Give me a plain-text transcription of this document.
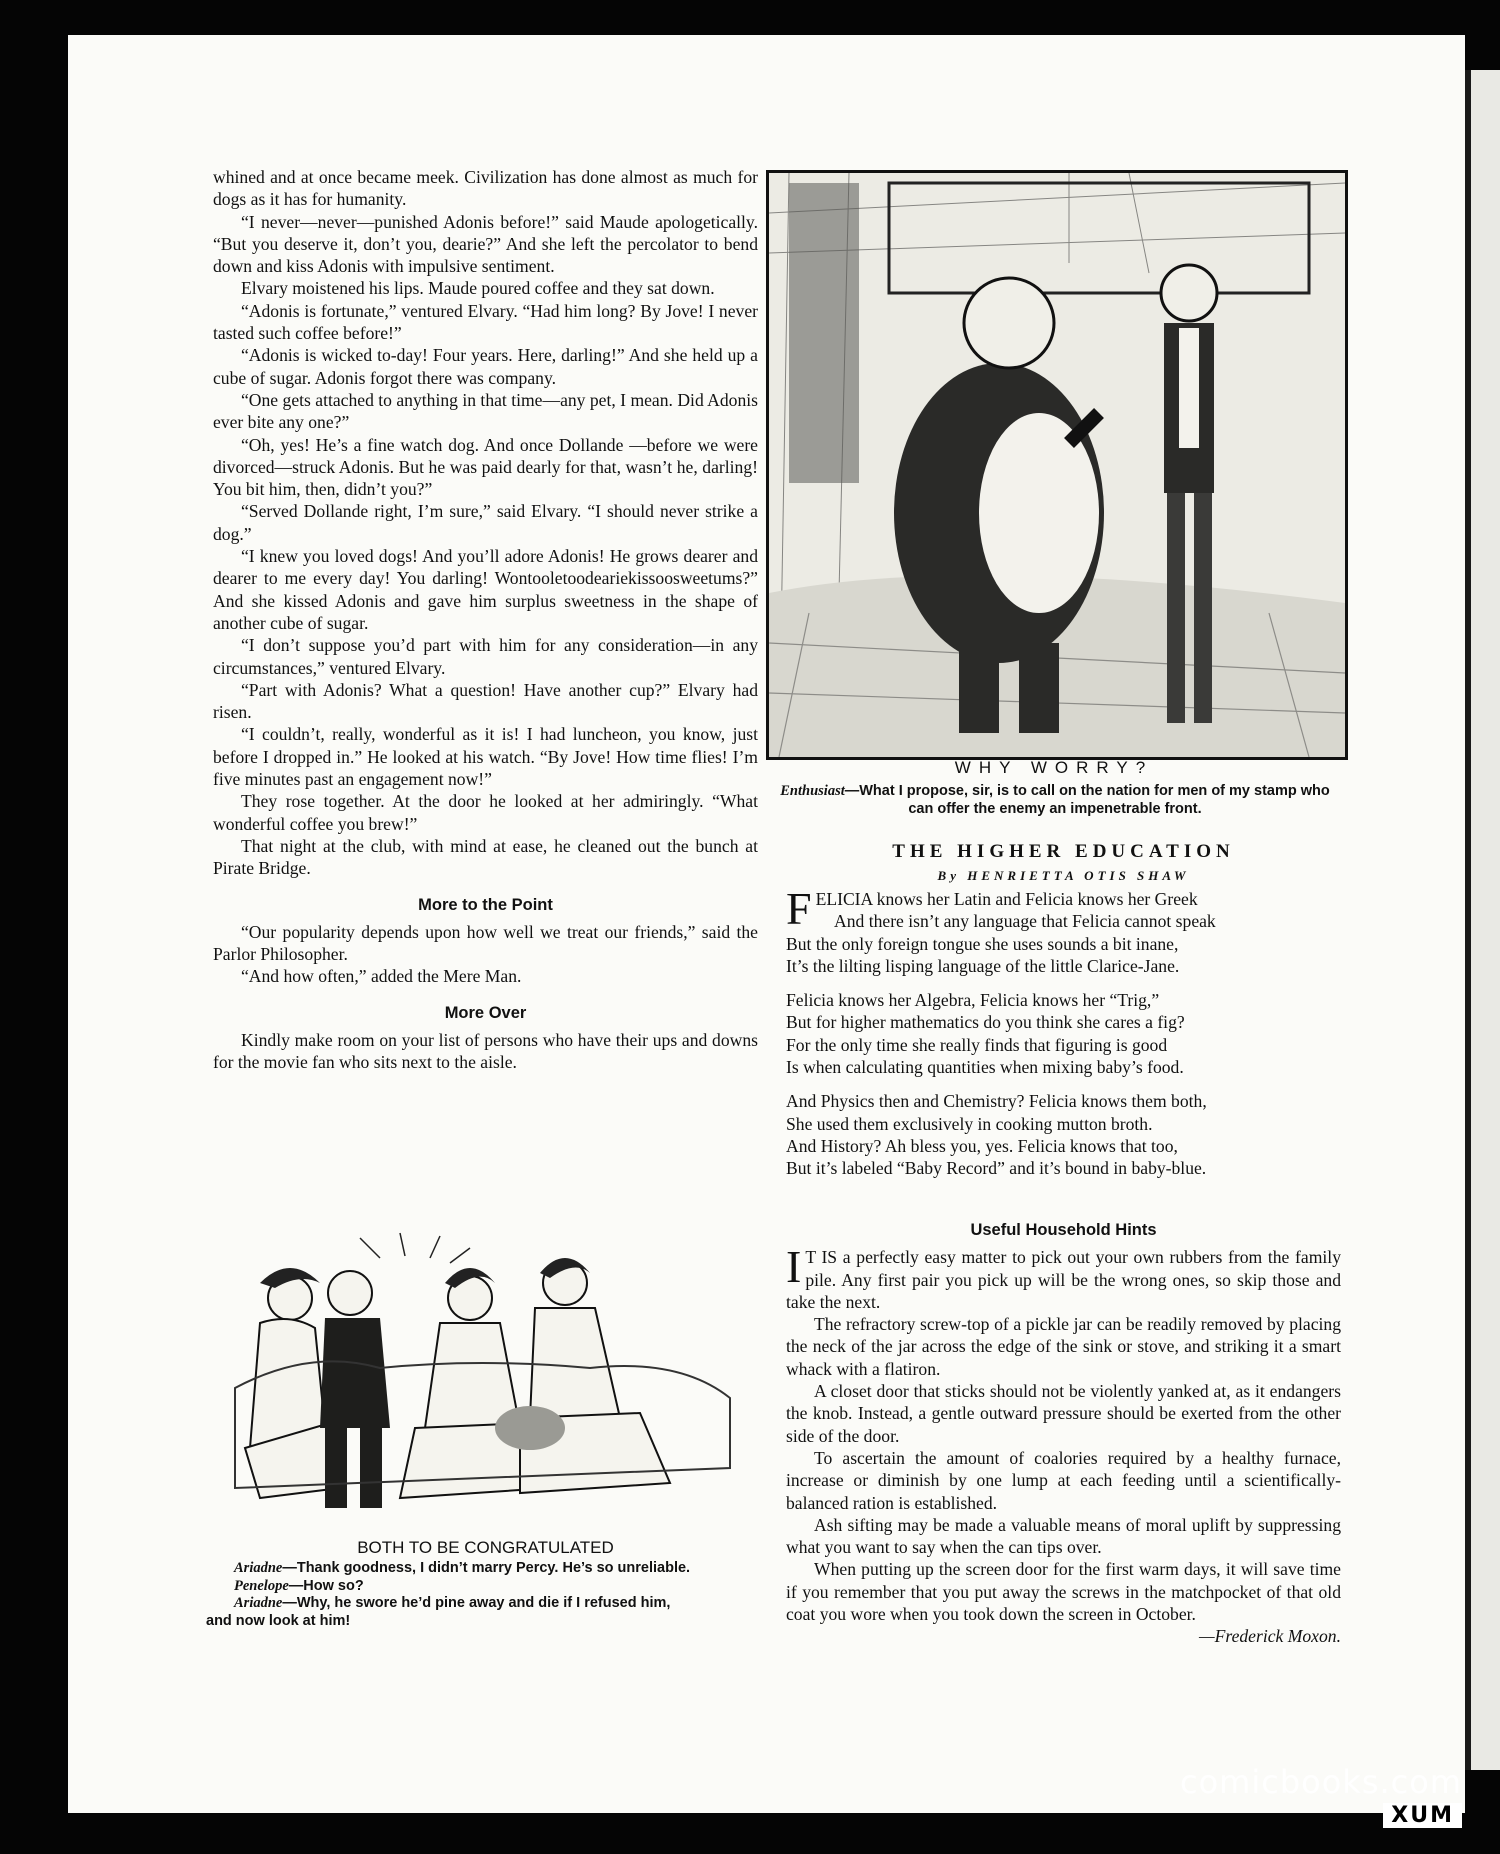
whined and at once became meek. Civilization has done almost as much for dogs as it has for humanity.

“I never—never—punished Adonis before!” said Maude apologetically. “But you deserve it, don’t you, dearie?” And she left the percolator to bend down and kiss Adonis with impulsive sentiment.

Elvary moistened his lips. Maude poured coffee and they sat down.

“Adonis is fortunate,” ventured Elvary. “Had him long? By Jove! I never tasted such coffee before!”

“Adonis is wicked to-day! Four years. Here, darling!” And she held up a cube of sugar. Adonis forgot there was company.

“One gets attached to anything in that time—any pet, I mean. Did Adonis ever bite any one?”

“Oh, yes! He’s a fine watch dog. And once Dollande —before we were divorced—struck Adonis. But he was paid dearly for that, wasn’t he, darling! You bit him, then, didn’t you?”

“Served Dollande right, I’m sure,” said Elvary. “I should never strike a dog.”

“I knew you loved dogs! And you’ll adore Adonis! He grows dearer and dearer to me every day! You darling! Wontooletoodeariekissoosweetums?” And she kissed Adonis and gave him surplus sweetness in the shape of another cube of sugar.

“I don’t suppose you’d part with him for any consideration—in any circumstances,” ventured Elvary.

“Part with Adonis? What a question! Have another cup?” Elvary had risen.

“I couldn’t, really, wonderful as it is! I had luncheon, you know, just before I dropped in.” He looked at his watch. “By Jove! How time flies! I’m five minutes past an engagement now!”

They rose together. At the door he looked at her admiringly. “What wonderful coffee you brew!”

That night at the club, with mind at ease, he cleaned out the bunch at Pirate Bridge.

More to the Point

“Our popularity depends upon how well we treat our friends,” said the Parlor Philosopher.

“And how often,” added the Mere Man.

More Over

Kindly make room on your list of persons who have their ups and downs for the movie fan who sits next to the aisle.

WHY WORRY?
Enthusiast—What I propose, sir, is to call on the nation for men of my stamp who can offer the enemy an impenetrable front.
THE HIGHER EDUCATION
By HENRIETTA OTIS SHAW
F ELICIA knows her Latin and Felicia knows her Greek
And there isn’t any language that Felicia cannot speak
But the only foreign tongue she uses sounds a bit inane,
It’s the lilting lisping language of the little Clarice-Jane.
Felicia knows her Algebra, Felicia knows her “Trig,”
But for higher mathematics do you think she cares a fig?
For the only time she really finds that figuring is good
Is when calculating quantities when mixing baby’s food.
And Physics then and Chemistry? Felicia knows them both,
She used them exclusively in cooking mutton broth.
And History? Ah bless you, yes. Felicia knows that too,
But it’s labeled “Baby Record” and it’s bound in baby-blue.
Useful Household Hints

I T IS a perfectly easy matter to pick out your own rubbers from the family pile. Any first pair you pick up will be the wrong ones, so skip those and take the next.

The refractory screw-top of a pickle jar can be readily removed by placing the neck of the jar across the edge of the sink or stove, and striking it a smart whack with a flatiron.

A closet door that sticks should not be violently yanked at, as it endangers the knob. Instead, a gentle outward pressure should be exerted from the other side of the door.

To ascertain the amount of coalories required by a healthy furnace, increase or diminish by one lump at each feeding until a scientifically-balanced ration is established.

Ash sifting may be made a valuable means of moral uplift by suppressing what you want to say when the can tips over.

When putting up the screen door for the first warm days, it will save time if you remember that you put away the screws in the matchpocket of that old coat you wore when you took down the screen in October.
—Frederick Moxon.

BOTH TO BE CONGRATULATED
Ariadne—Thank goodness, I didn’t marry Percy. He’s so unreliable.
Penelope—How so?
Ariadne—Why, he swore he’d pine away and die if I refused him,
and now look at him!
comicbooks.com
XUM
